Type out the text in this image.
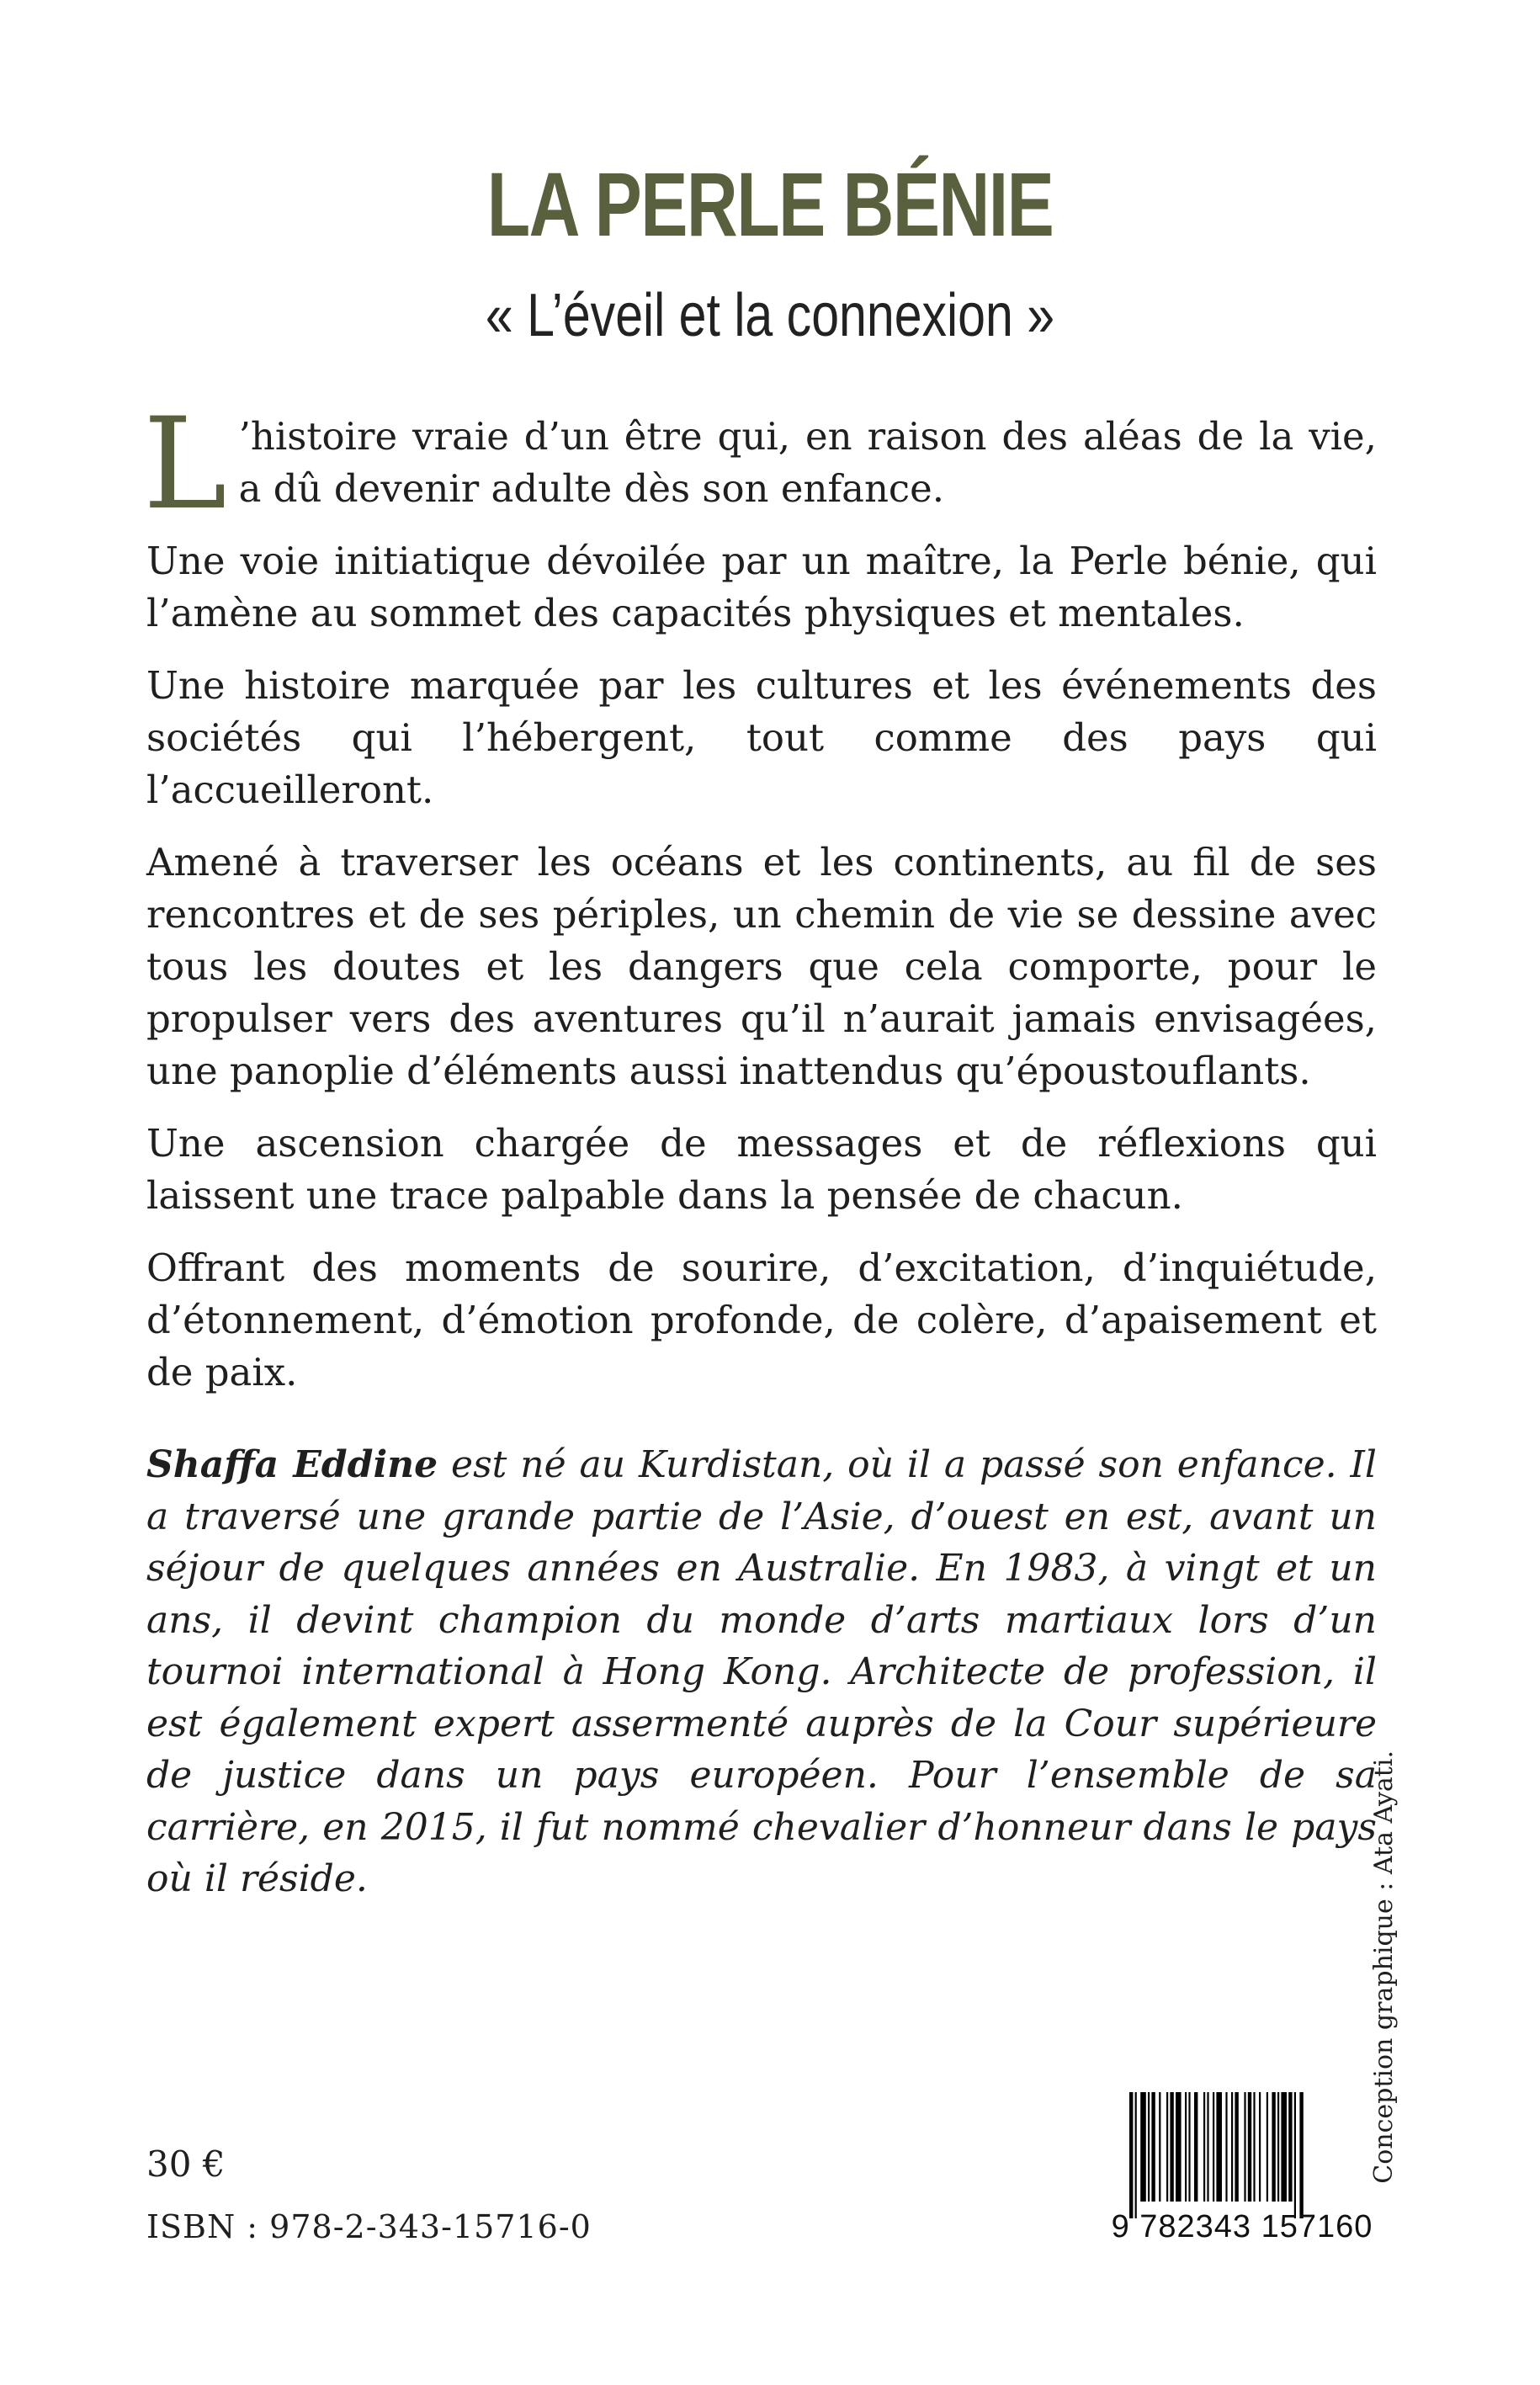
LA PERLE BÉNIE
« L’éveil et la connexion »

L ’histoire vraie d’un être qui, en raison des aléas de la vie, a dû devenir adulte dès son enfance.

Une voie initiatique dévoilée par un maître, la Perle bénie, qui l’amène au sommet des capacités physiques et mentales.

Une histoire marquée par les cultures et les événements des sociétés qui l’hébergent, tout comme des pays qui l’accueilleront.

Amené à traverser les océans et les continents, au fil de ses rencontres et de ses périples, un chemin de vie se dessine avec tous les doutes et les dangers que cela comporte, pour le propulser vers des aventures qu’il n’aurait jamais envisagées, une panoplie d’éléments aussi inattendus qu’époustouflants.

Une ascension chargée de messages et de réflexions qui laissent une trace palpable dans la pensée de chacun.

Offrant des moments de sourire, d’excitation, d’inquiétude, d’étonnement, d’émotion profonde, de colère, d’apaisement et de paix.

Shaffa Eddine est né au Kurdistan, où il a passé son enfance. Il a traversé une grande partie de l’Asie, d’ouest en est, avant un séjour de quelques années en Australie. En 1983, à vingt et un ans, il devint champion du monde d’arts martiaux lors d’un tournoi international à Hong Kong. Architecte de profession, il est également expert assermenté auprès de la Cour supérieure de justice dans un pays européen. Pour l’ensemble de sa carrière, en 2015, il fut nommé chevalier d’honneur dans le pays où il réside.	Conception graphique : Ata Ayati.
30 €
ISBN : 978-2-343-15716-0	9 782343 157160
